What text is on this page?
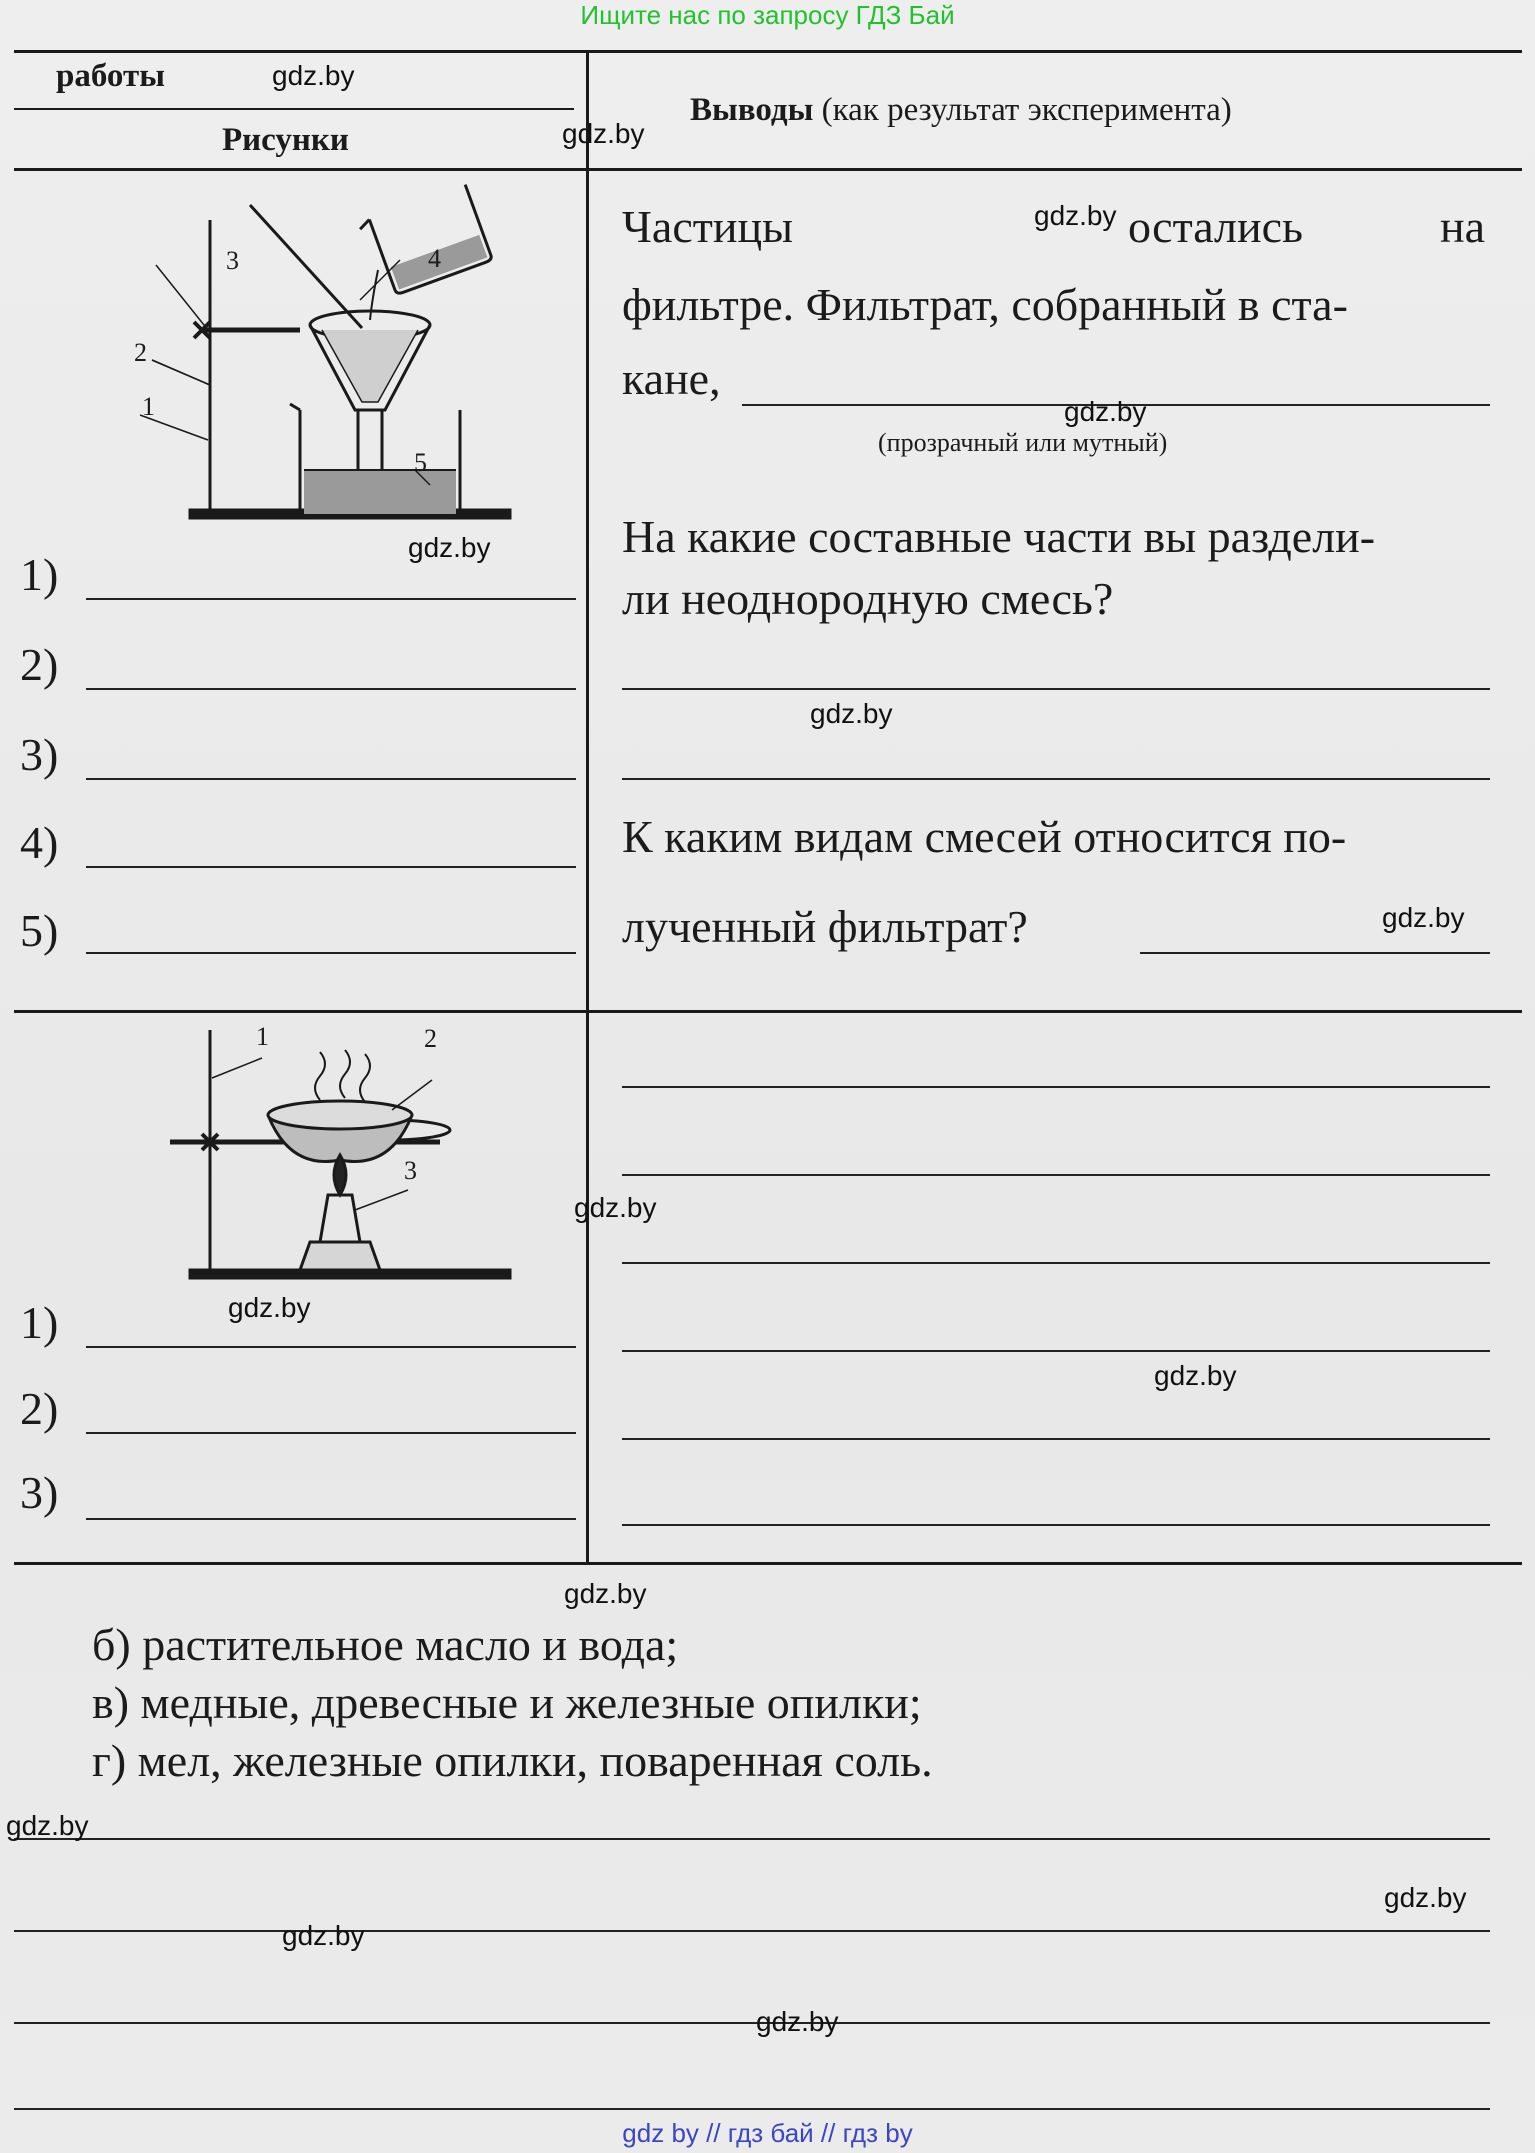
Ищите нас по запросу ГДЗ Бай
работы
Рисунки
Выводы (как результат эксперимента)
2
1
3	4
5
1)
2)
3)
4)
5)
Частицы	остались	на
фильтре. Фильтрат, собранный в ста-
кане,
(прозрачный или мутный)
На какие составные части вы раздели-
ли неоднородную смесь?
К каким видам смесей относится по-
лученный фильтрат?
1	2
3
1)
2)
3)
б) растительное масло и вода;
в) медные, древесные и железные опилки;
г) мел, железные опилки, поваренная соль.
gdz.by
gdz.by
gdz.by
gdz.by
gdz.by
gdz.by
gdz.by
gdz.by
gdz.by
gdz.by
gdz.by
gdz.by
gdz.by
gdz.by
gdz.by
gdz by // гдз бай // гдз by
